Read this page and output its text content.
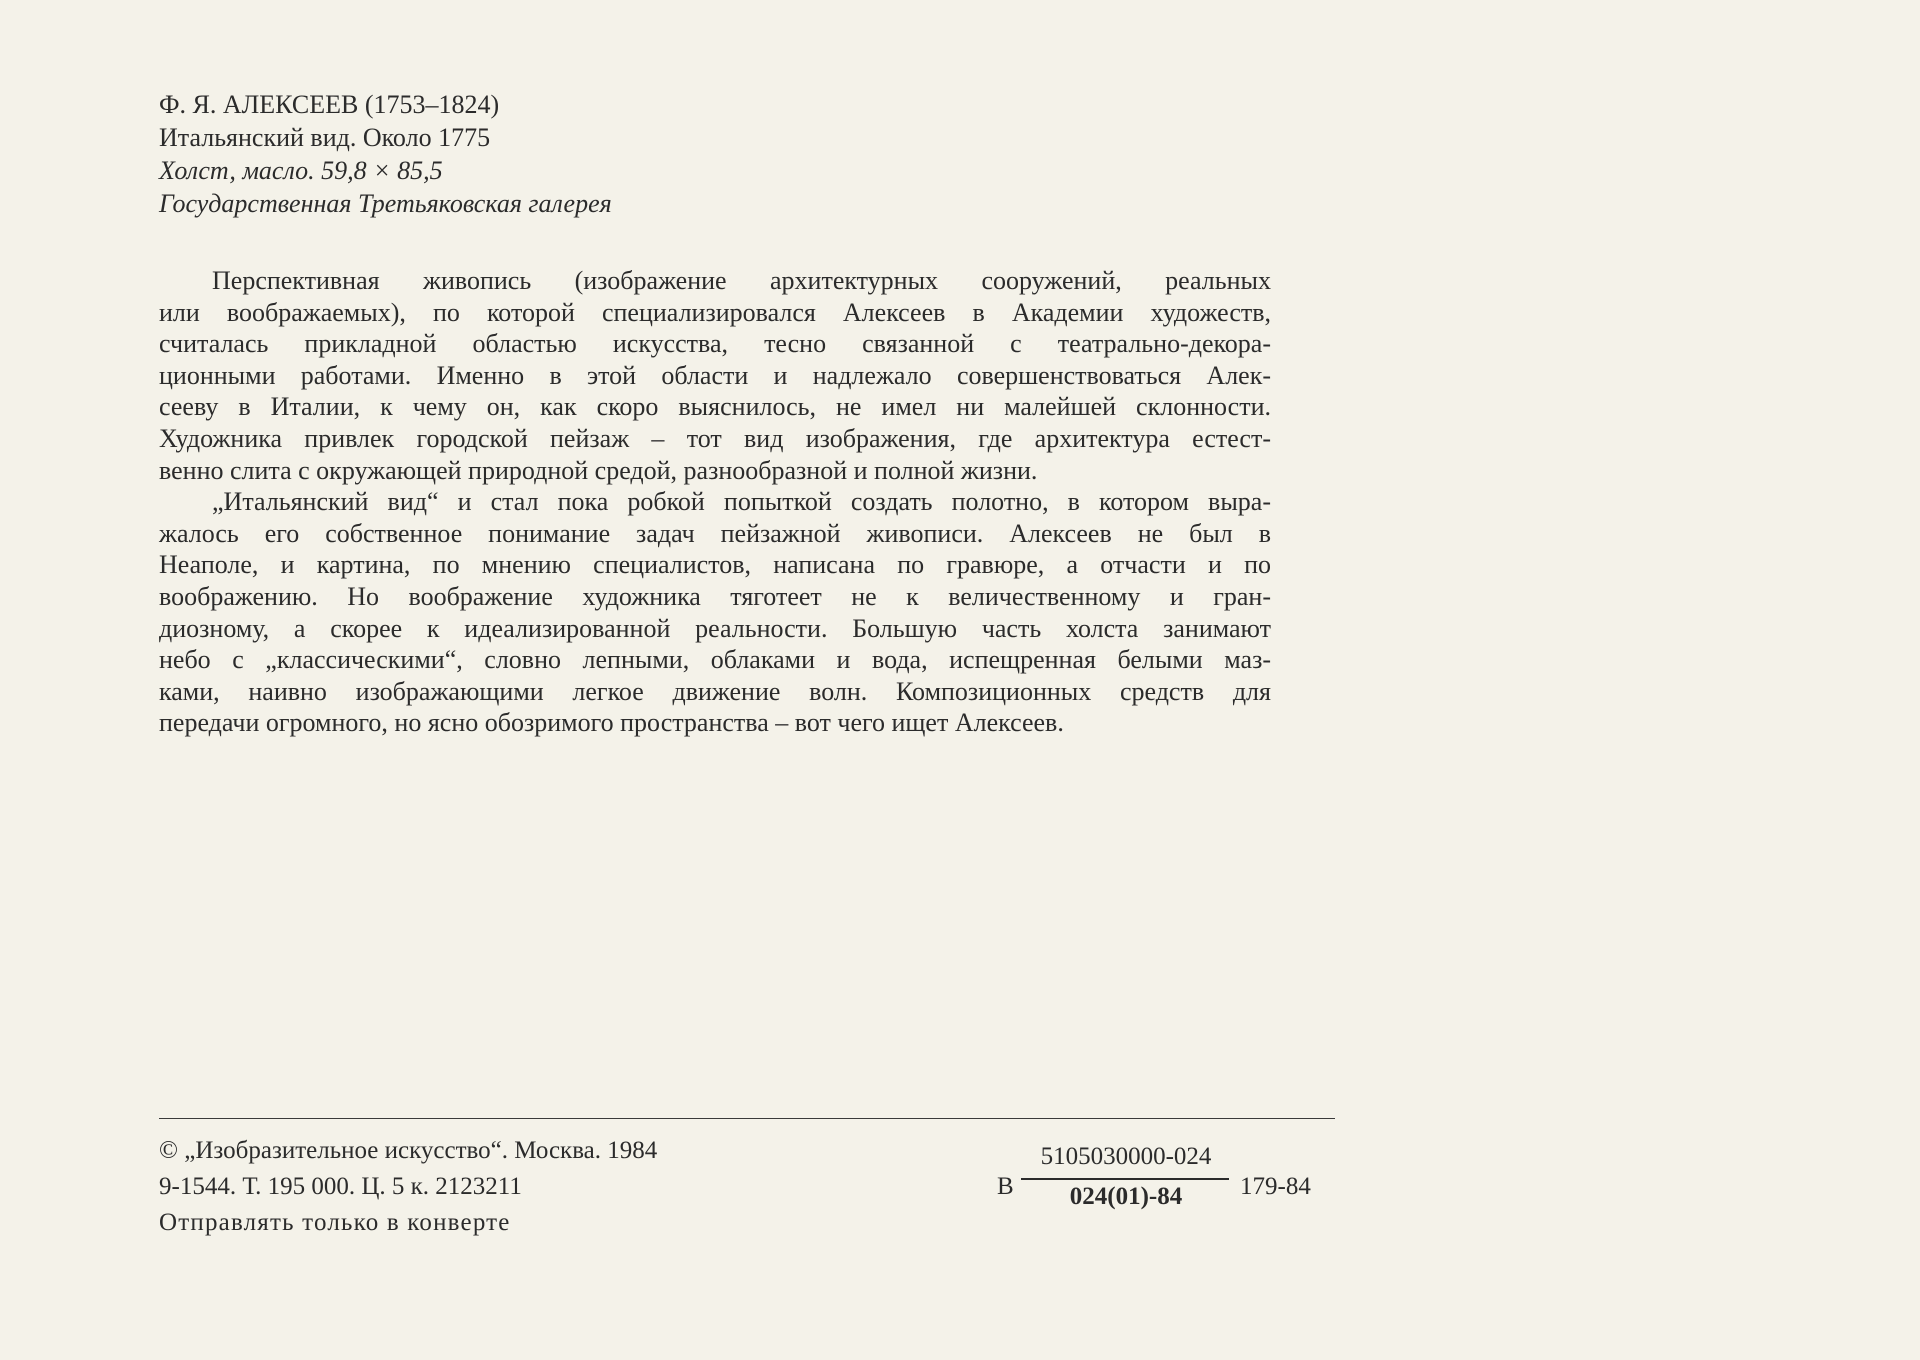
Ф. Я. АЛЕКСЕЕВ (1753–1824)
Итальянский вид. Около 1775
Холст, масло. 59,8 × 85,5
Государственная Третьяковская галерея
Перспективная живопись (изображение архитектурных сооружений, реальных
или воображаемых), по которой специализировался Алексеев в Академии художеств,
считалась прикладной областью искусства, тесно связанной с театрально-декора-
ционными работами. Именно в этой области и надлежало совершенствоваться Алек-
сееву в Италии, к чему он, как скоро выяснилось, не имел ни малейшей склонности.
Художника привлек городской пейзаж – тот вид изображения, где архитектура естест-
венно слита с окружающей природной средой, разнообразной и полной жизни.
„Итальянский вид“ и стал пока робкой попыткой создать полотно, в котором выра-
жалось его собственное понимание задач пейзажной живописи. Алексеев не был в
Неаполе, и картина, по мнению специалистов, написана по гравюре, а отчасти и по
воображению. Но воображение художника тяготеет не к величественному и гран-
диозному, а скорее к идеализированной реальности. Большую часть холста занимают
небо с „классическими“, словно лепными, облаками и вода, испещренная белыми маз-
ками, наивно изображающими легкое движение волн. Композиционных средств для
передачи огромного, но ясно обозримого пространства – вот чего ищет Алексеев.
© „Изобразительное искусство“. Москва. 1984
9-1544. Т. 195 000. Ц. 5 к. 2123211
Отправлять только в конверте
В
5105030000-024
024(01)-84	179-84
